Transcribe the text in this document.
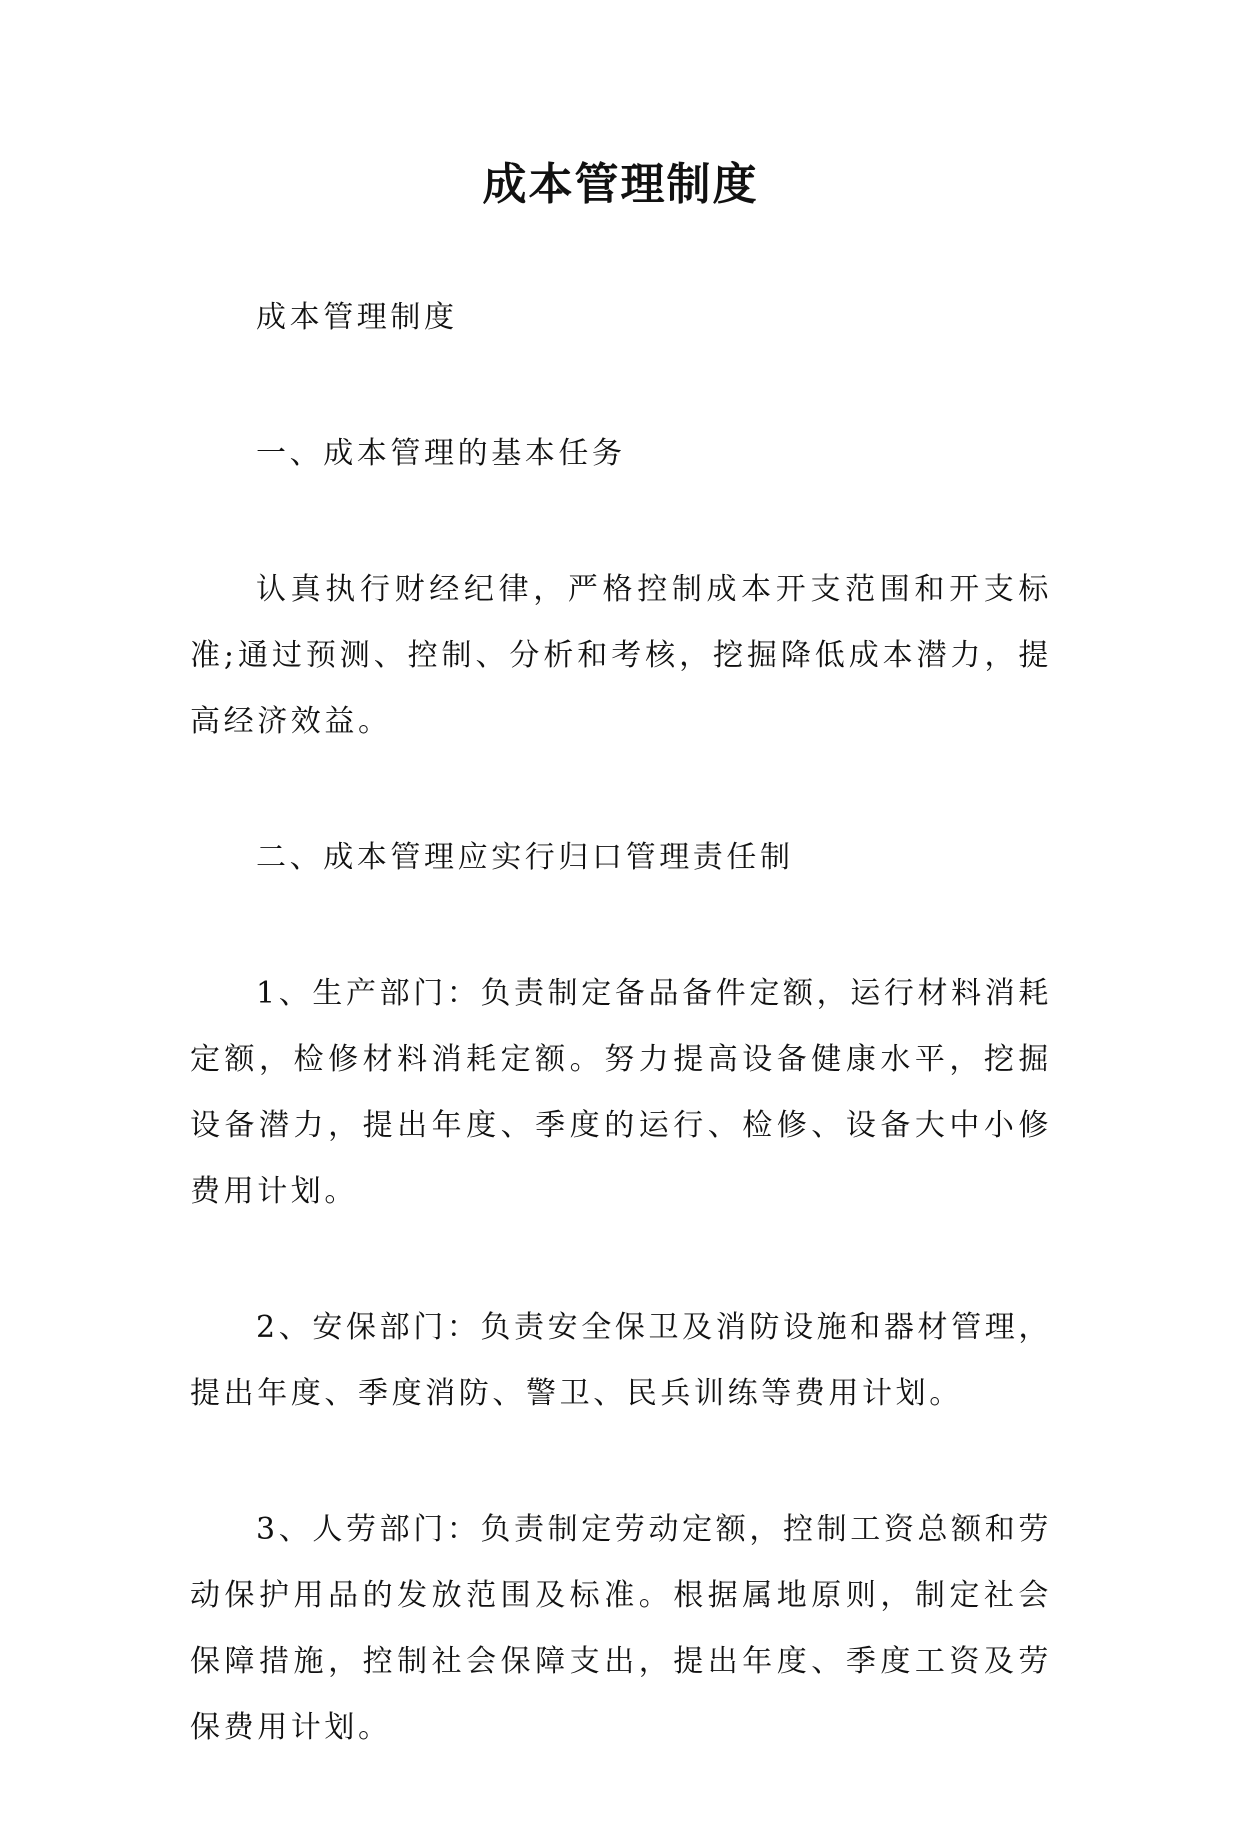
成本管理制度

成本管理制度

一、成本管理的基本任务

认真执行财经纪律，严格控制成本开支范围和开支标准;通过预测、控制、分析和考核，挖掘降低成本潜力，提高经济效益。

二、成本管理应实行归口管理责任制

1、生产部门：负责制定备品备件定额，运行材料消耗定额，检修材料消耗定额。努力提高设备健康水平，挖掘设备潜力，提出年度、季度的运行、检修、设备大中小修费用计划。

2、安保部门：负责安全保卫及消防设施和器材管理，提出年度、季度消防、警卫、民兵训练等费用计划。

3、人劳部门：负责制定劳动定额，控制工资总额和劳动保护用品的发放范围及标准。根据属地原则，制定社会保障措施，控制社会保障支出，提出年度、季度工资及劳保费用计划。
